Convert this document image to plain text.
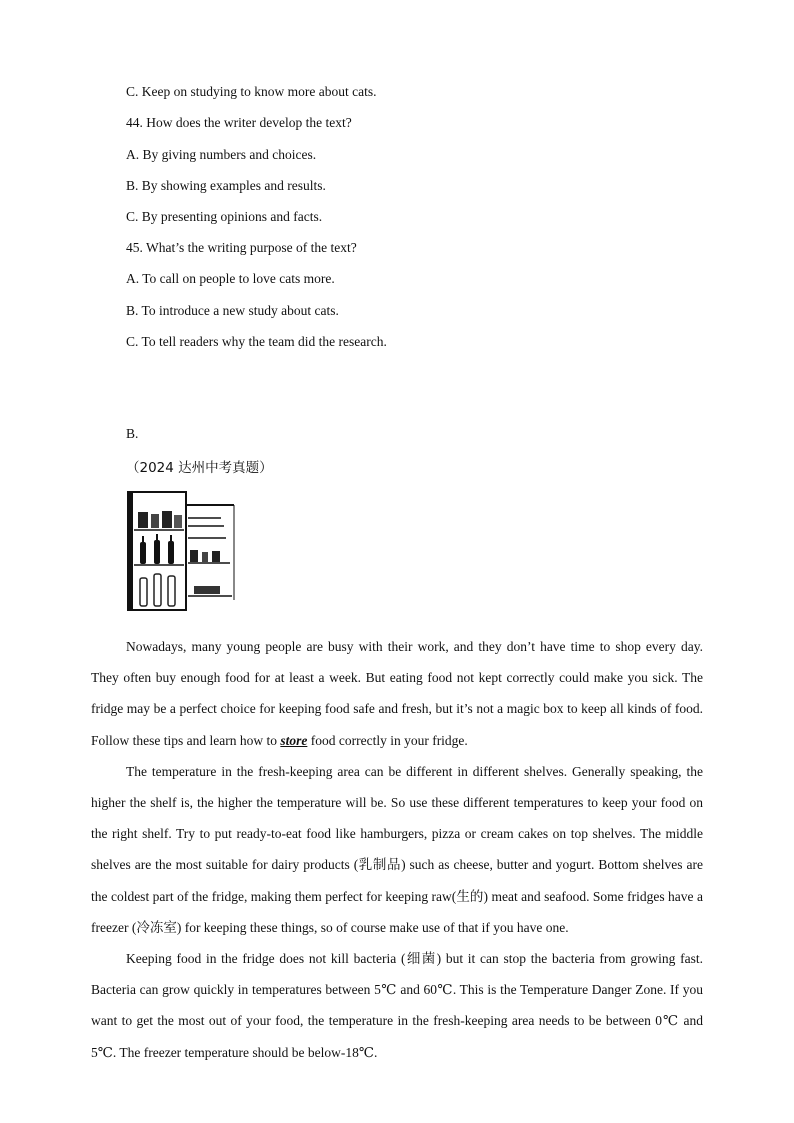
C. Keep on studying to know more about cats.
44. How does the writer develop the text?
A. By giving numbers and choices.
B. By showing examples and results.
C. By presenting opinions and facts.
45. What’s the writing purpose of the text?
A. To call on people to love cats more.
B. To introduce a new study about cats.
C. To tell readers why the team did the research.
B.
（2024 达州中考真题）

Nowadays, many young people are busy with their work, and they don’t have time to shop every day. They often buy enough food for at least a week. But eating food not kept correctly could make you sick. The fridge may be a perfect choice for keeping food safe and fresh, but it’s not a magic box to keep all kinds of food. Follow these tips and learn how to store food correctly in your fridge.

The temperature in the fresh-keeping area can be different in different shelves. Generally speaking, the higher the shelf is, the higher the temperature will be. So use these different temperatures to keep your food on the right shelf. Try to put ready-to-eat food like hamburgers, pizza or cream cakes on top shelves. The middle shelves are the most suitable for dairy products (乳制品) such as cheese, butter and yogurt. Bottom shelves are the coldest part of the fridge, making them perfect for keeping raw(生的) meat and seafood. Some fridges have a freezer (冷冻室) for keeping these things, so of course make use of that if you have one.

Keeping food in the fridge does not kill bacteria (细菌) but it can stop the bacteria from growing fast. Bacteria can grow quickly in temperatures between 5℃ and 60℃. This is the Temperature Danger Zone. If you want to get the most out of your food, the temperature in the fresh-keeping area needs to be between 0℃ and 5℃. The freezer temperature should be below-18℃.
